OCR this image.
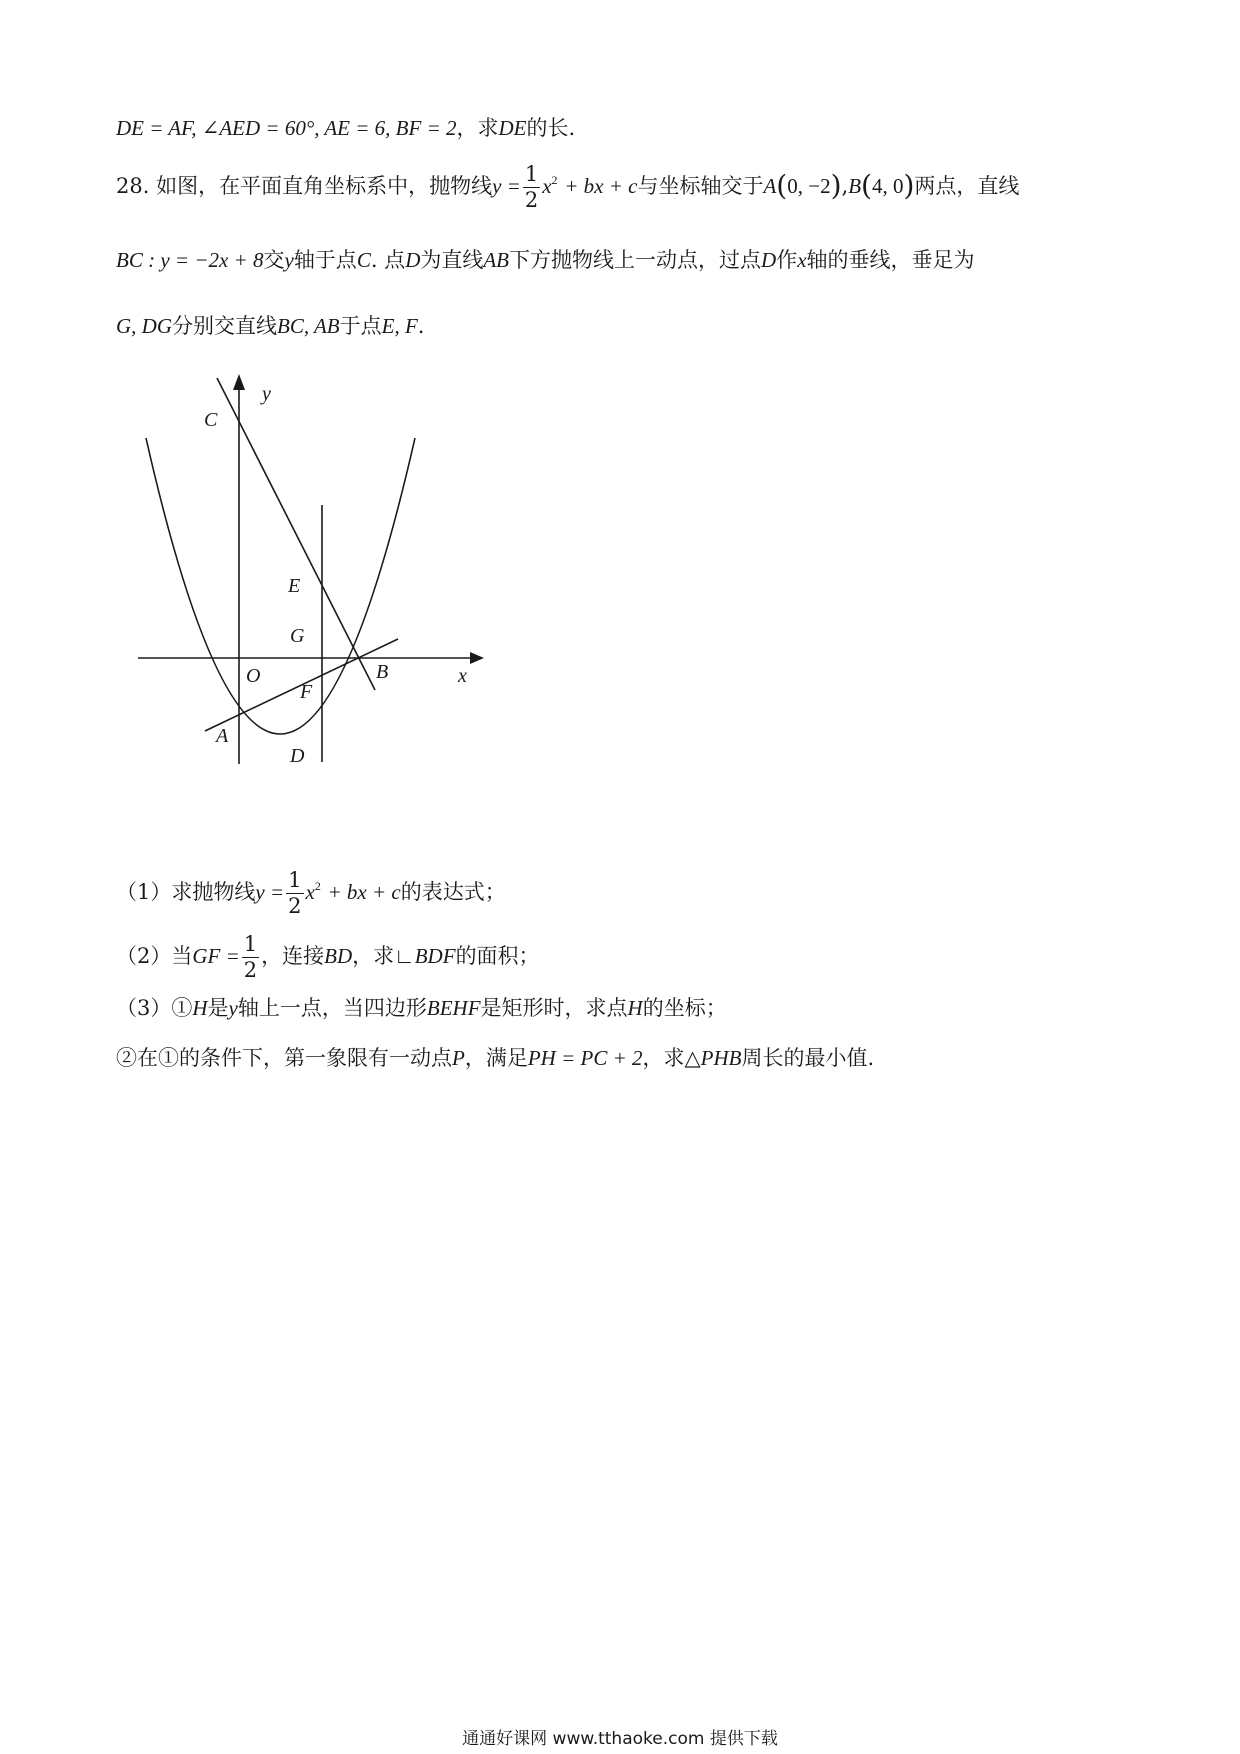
DE = AF, ∠AED = 60°, AE = 6, BF = 2，求DE的长.
28. 如图，在平面直角坐标系中，抛物线$y = \frac{1}{2} x^2$ + bx + c与坐标轴交于A(0, −2),B(4, 0)两点，直线
BC : y = −2x + 8交y轴于点C. 点D为直线AB下方抛物线上一动点，过点D作x轴的垂线，垂足为
G, DG分别交直线BC, AB于点E, F.
C
y
E
G
O	B	x
F
A
D
（1）求抛物线$y = \frac{1}{2} x^2$ + bx + c的表达式；
（2）当GF = $\frac{1}{2}$ ，连接BD，求∟BDF的面积；
（3）①H是y轴上一点，当四边形BEHF是矩形时，求点H的坐标；
②在①的条件下，第一象限有一动点P，满足PH = PC + 2，求△PHB周长的最小值.
通通好课网 www.tthaoke.com 提供下载
